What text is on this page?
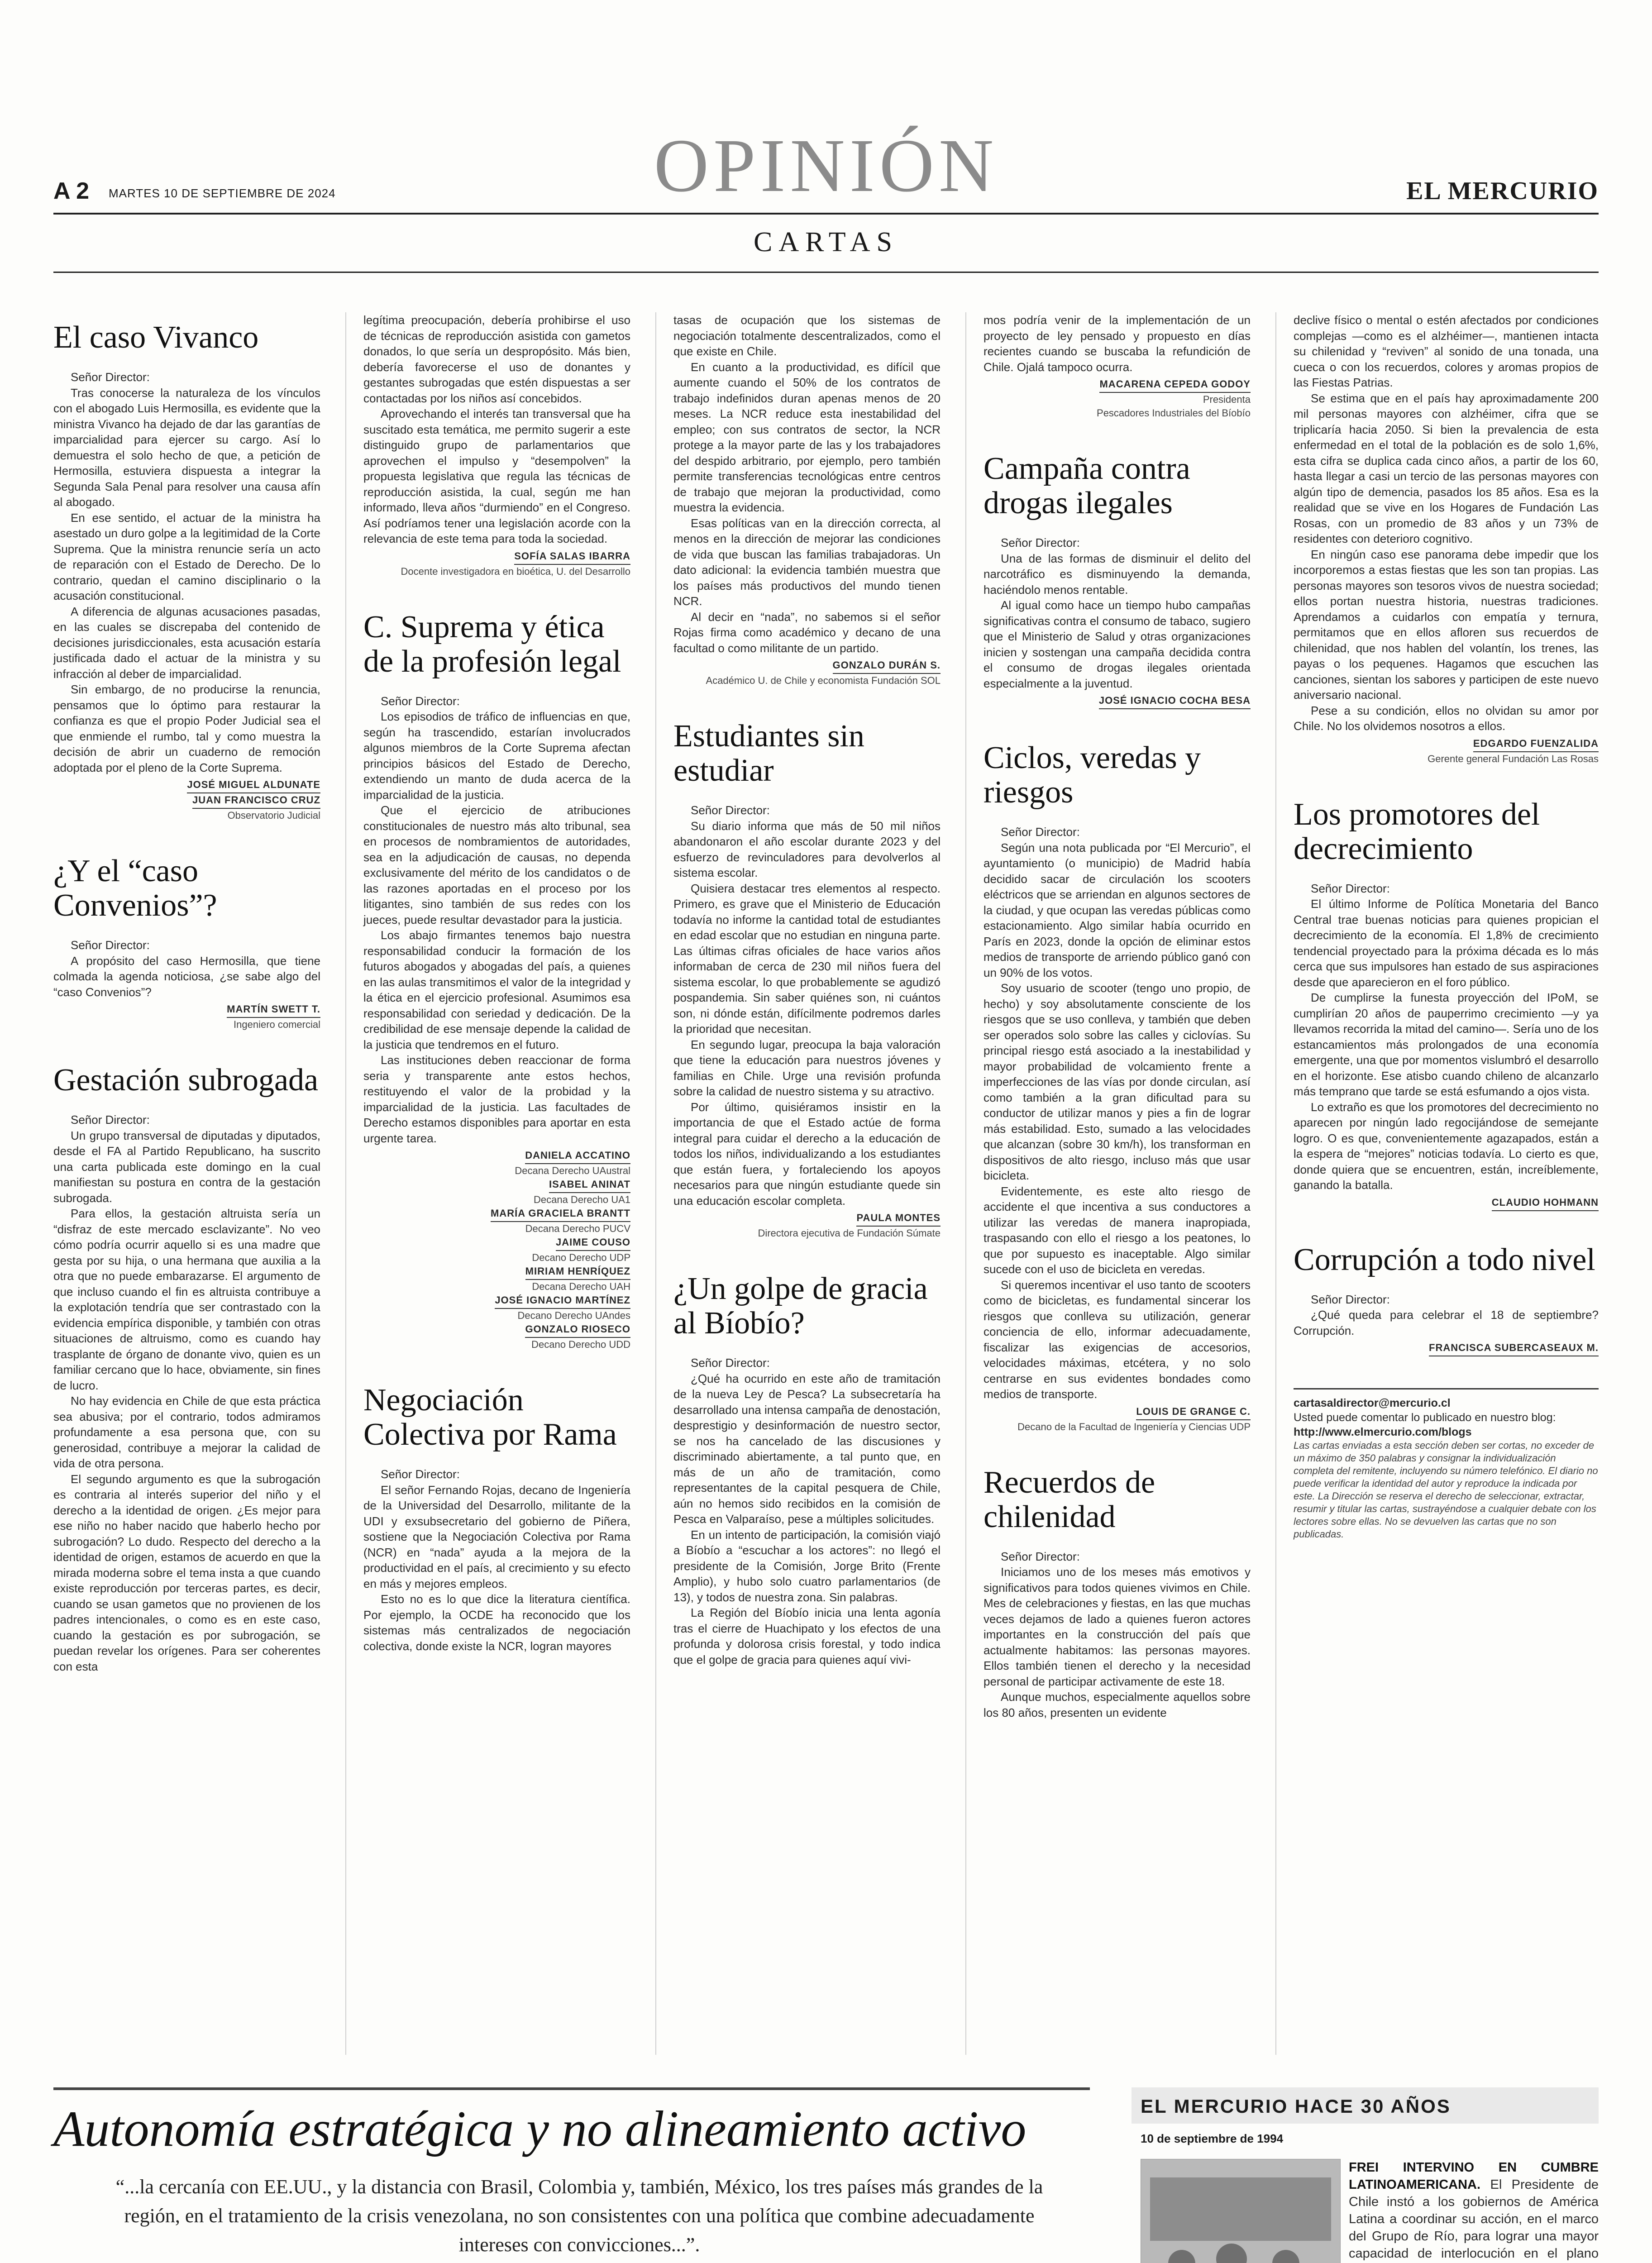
OPINIÓN
A 2 MARTES 10 DE SEPTIEMBRE DE 2024	EL MERCURIO
CARTAS
El caso Vivanco

Señor Director:

Tras conocerse la naturaleza de los vínculos con el abogado Luis Hermosilla, es evidente que la ministra Vivanco ha dejado de dar las garantías de imparcialidad para ejercer su cargo. Así lo demuestra el solo hecho de que, a petición de Hermosilla, estuviera dispuesta a integrar la Segunda Sala Penal para resolver una causa afín al abogado.

En ese sentido, el actuar de la ministra ha asestado un duro golpe a la legitimidad de la Corte Suprema. Que la ministra renuncie sería un acto de reparación con el Estado de Derecho. De lo contrario, quedan el camino disciplinario o la acusación constitucional.

A diferencia de algunas acusaciones pasadas, en las cuales se discrepaba del contenido de decisiones jurisdiccionales, esta acusación estaría justificada dado el actuar de la ministra y su infracción al deber de imparcialidad.

Sin embargo, de no producirse la renuncia, pensamos que lo óptimo para restaurar la confianza es que el propio Poder Judicial sea el que enmiende el rumbo, tal y como muestra la decisión de abrir un cuaderno de remoción adoptada por el pleno de la Corte Suprema.

JOSÉ MIGUEL ALDUNATE
JUAN FRANCISCO CRUZ
Observatorio Judicial
¿Y el “caso Convenios”?

Señor Director:

A propósito del caso Hermosilla, que tiene colmada la agenda noticiosa, ¿se sabe algo del “caso Convenios”?

MARTÍN SWETT T.
Ingeniero comercial
Gestación subrogada

Señor Director:

Un grupo transversal de diputadas y diputados, desde el FA al Partido Republicano, ha suscrito una carta publicada este domingo en la cual manifiestan su postura en contra de la gestación subrogada.

Para ellos, la gestación altruista sería un “disfraz de este mercado esclavizante”. No veo cómo podría ocurrir aquello si es una madre que gesta por su hija, o una hermana que auxilia a la otra que no puede embarazarse. El argumento de que incluso cuando el fin es altruista contribuye a la explotación tendría que ser contrastado con la evidencia empírica disponible, y también con otras situaciones de altruismo, como es cuando hay trasplante de órgano de donante vivo, quien es un familiar cercano que lo hace, obviamente, sin fines de lucro.

No hay evidencia en Chile de que esta práctica sea abusiva; por el contrario, todos admiramos profundamente a esa persona que, con su generosidad, contribuye a mejorar la calidad de vida de otra persona.

El segundo argumento es que la subrogación es contraria al interés superior del niño y el derecho a la identidad de origen. ¿Es mejor para ese niño no haber nacido que haberlo hecho por subrogación? Lo dudo. Respecto del derecho a la identidad de origen, estamos de acuerdo en que la mirada moderna sobre el tema insta a que cuando existe reproducción por terceras partes, es decir, cuando se usan gametos que no provienen de los padres intencionales, o como es en este caso, cuando la gestación es por subrogación, se puedan revelar los orígenes. Para ser coherentes con esta

legítima preocupación, debería prohibirse el uso de técnicas de reproducción asistida con gametos donados, lo que sería un despropósito. Más bien, debería favorecerse el uso de donantes y gestantes subrogadas que estén dispuestas a ser contactadas por los niños así concebidos.

Aprovechando el interés tan transversal que ha suscitado esta temática, me permito sugerir a este distinguido grupo de parlamentarios que aprovechen el impulso y “desempolven” la propuesta legislativa que regula las técnicas de reproducción asistida, la cual, según me han informado, lleva años “durmiendo” en el Congreso. Así podríamos tener una legislación acorde con la relevancia de este tema para toda la sociedad.

SOFÍA SALAS IBARRA
Docente investigadora en bioética, U. del Desarrollo
C. Suprema y ética de la profesión legal

Señor Director:

Los episodios de tráfico de influencias en que, según ha trascendido, estarían involucrados algunos miembros de la Corte Suprema afectan principios básicos del Estado de Derecho, extendiendo un manto de duda acerca de la imparcialidad de la justicia.

Que el ejercicio de atribuciones constitucionales de nuestro más alto tribunal, sea en procesos de nombramientos de autoridades, sea en la adjudicación de causas, no dependa exclusivamente del mérito de los candidatos o de las razones aportadas en el proceso por los litigantes, sino también de sus redes con los jueces, puede resultar devastador para la justicia.

Los abajo firmantes tenemos bajo nuestra responsabilidad conducir la formación de los futuros abogados y abogadas del país, a quienes en las aulas transmitimos el valor de la integridad y la ética en el ejercicio profesional. Asumimos esa responsabilidad con seriedad y dedicación. De la credibilidad de ese mensaje depende la calidad de la justicia que tendremos en el futuro.

Las instituciones deben reaccionar de forma seria y transparente ante estos hechos, restituyendo el valor de la probidad y la imparcialidad de la justicia. Las facultades de Derecho estamos disponibles para aportar en esta urgente tarea.

DANIELA ACCATINO
Decana Derecho UAustral
ISABEL ANINAT
Decana Derecho UA1
MARÍA GRACIELA BRANTT
Decana Derecho PUCV
JAIME COUSO
Decano Derecho UDP
MIRIAM HENRÍQUEZ
Decana Derecho UAH
JOSÉ IGNACIO MARTÍNEZ
Decano Derecho UAndes
GONZALO RIOSECO
Decano Derecho UDD
Negociación Colectiva por Rama

Señor Director:

El señor Fernando Rojas, decano de Ingeniería de la Universidad del Desarrollo, militante de la UDI y exsubsecretario del gobierno de Piñera, sostiene que la Negociación Colectiva por Rama (NCR) en “nada” ayuda a la mejora de la productividad en el país, al crecimiento y su efecto en más y mejores empleos.

Esto no es lo que dice la literatura científica. Por ejemplo, la OCDE ha reconocido que los sistemas más centralizados de negociación colectiva, donde existe la NCR, logran mayores

tasas de ocupación que los sistemas de negociación totalmente descentralizados, como el que existe en Chile.

En cuanto a la productividad, es difícil que aumente cuando el 50% de los contratos de trabajo indefinidos duran apenas menos de 20 meses. La NCR reduce esta inestabilidad del empleo; con sus contratos de sector, la NCR protege a la mayor parte de las y los trabajadores del despido arbitrario, por ejemplo, pero también permite transferencias tecnológicas entre centros de trabajo que mejoran la productividad, como muestra la evidencia.

Esas políticas van en la dirección correcta, al menos en la dirección de mejorar las condiciones de vida que buscan las familias trabajadoras. Un dato adicional: la evidencia también muestra que los países más productivos del mundo tienen NCR.

Al decir en “nada”, no sabemos si el señor Rojas firma como académico y decano de una facultad o como militante de un partido.

GONZALO DURÁN S.
Académico U. de Chile y economista Fundación SOL
Estudiantes sin estudiar

Señor Director:

Su diario informa que más de 50 mil niños abandonaron el año escolar durante 2023 y del esfuerzo de revinculadores para devolverlos al sistema escolar.

Quisiera destacar tres elementos al respecto. Primero, es grave que el Ministerio de Educación todavía no informe la cantidad total de estudiantes en edad escolar que no estudian en ninguna parte. Las últimas cifras oficiales de hace varios años informaban de cerca de 230 mil niños fuera del sistema escolar, lo que probablemente se agudizó pospandemia. Sin saber quiénes son, ni cuántos son, ni dónde están, difícilmente podremos darles la prioridad que necesitan.

En segundo lugar, preocupa la baja valoración que tiene la educación para nuestros jóvenes y familias en Chile. Urge una revisión profunda sobre la calidad de nuestro sistema y su atractivo.

Por último, quisiéramos insistir en la importancia de que el Estado actúe de forma integral para cuidar el derecho a la educación de todos los niños, individualizando a los estudiantes que están fuera, y fortaleciendo los apoyos necesarios para que ningún estudiante quede sin una educación escolar completa.

PAULA MONTES
Directora ejecutiva de Fundación Súmate
¿Un golpe de gracia al Bíobío?

Señor Director:

¿Qué ha ocurrido en este año de tramitación de la nueva Ley de Pesca? La subsecretaría ha desarrollado una intensa campaña de denostación, desprestigio y desinformación de nuestro sector, se nos ha cancelado de las discusiones y discriminado abiertamente, a tal punto que, en más de un año de tramitación, como representantes de la capital pesquera de Chile, aún no hemos sido recibidos en la comisión de Pesca en Valparaíso, pese a múltiples solicitudes.

En un intento de participación, la comisión viajó a Bíobío a “escuchar a los actores”: no llegó el presidente de la Comisión, Jorge Brito (Frente Amplio), y hubo solo cuatro parlamentarios (de 13), y todos de nuestra zona. Sin palabras.

La Región del Bíobío inicia una lenta agonía tras el cierre de Huachipato y los efectos de una profunda y dolorosa crisis forestal, y todo indica que el golpe de gracia para quienes aquí vivi-

mos podría venir de la implementación de un proyecto de ley pensado y propuesto en días recientes cuando se buscaba la refundición de Chile. Ojalá tampoco ocurra.

MACARENA CEPEDA GODOY
Presidenta
Pescadores Industriales del Bíobío
Campaña contra drogas ilegales

Señor Director:

Una de las formas de disminuir el delito del narcotráfico es disminuyendo la demanda, haciéndolo menos rentable.

Al igual como hace un tiempo hubo campañas significativas contra el consumo de tabaco, sugiero que el Ministerio de Salud y otras organizaciones inicien y sostengan una campaña decidida contra el consumo de drogas ilegales orientada especialmente a la juventud.

JOSÉ IGNACIO COCHA BESA
Ciclos, veredas y riesgos

Señor Director:

Según una nota publicada por “El Mercurio”, el ayuntamiento (o municipio) de Madrid había decidido sacar de circulación los scooters eléctricos que se arriendan en algunos sectores de la ciudad, y que ocupan las veredas públicas como estacionamiento. Algo similar había ocurrido en París en 2023, donde la opción de eliminar estos medios de transporte de arriendo público ganó con un 90% de los votos.

Soy usuario de scooter (tengo uno propio, de hecho) y soy absolutamente consciente de los riesgos que se uso conlleva, y también que deben ser operados solo sobre las calles y ciclovías. Su principal riesgo está asociado a la inestabilidad y mayor probabilidad de volcamiento frente a imperfecciones de las vías por donde circulan, así como también a la gran dificultad para su conductor de utilizar manos y pies a fin de lograr más estabilidad. Esto, sumado a las velocidades que alcanzan (sobre 30 km/h), los transforman en dispositivos de alto riesgo, incluso más que usar bicicleta.

Evidentemente, es este alto riesgo de accidente el que incentiva a sus conductores a utilizar las veredas de manera inapropiada, traspasando con ello el riesgo a los peatones, lo que por supuesto es inaceptable. Algo similar sucede con el uso de bicicleta en veredas.

Si queremos incentivar el uso tanto de scooters como de bicicletas, es fundamental sincerar los riesgos que conlleva su utilización, generar conciencia de ello, informar adecuadamente, fiscalizar las exigencias de accesorios, velocidades máximas, etcétera, y no solo centrarse en sus evidentes bondades como medios de transporte.

LOUIS DE GRANGE C.
Decano de la Facultad de Ingeniería y Ciencias UDP
Recuerdos de chilenidad

Señor Director:

Iniciamos uno de los meses más emotivos y significativos para todos quienes vivimos en Chile. Mes de celebraciones y fiestas, en las que muchas veces dejamos de lado a quienes fueron actores importantes en la construcción del país que actualmente habitamos: las personas mayores. Ellos también tienen el derecho y la necesidad personal de participar activamente de este 18.

Aunque muchos, especialmente aquellos sobre los 80 años, presenten un evidente

declive físico o mental o estén afectados por condiciones complejas —como es el alzhéimer—, mantienen intacta su chilenidad y “reviven” al sonido de una tonada, una cueca o con los recuerdos, colores y aromas propios de las Fiestas Patrias.

Se estima que en el país hay aproximadamente 200 mil personas mayores con alzhéimer, cifra que se triplicaría hacia 2050. Si bien la prevalencia de esta enfermedad en el total de la población es de solo 1,6%, esta cifra se duplica cada cinco años, a partir de los 60, hasta llegar a casi un tercio de las personas mayores con algún tipo de demencia, pasados los 85 años. Esa es la realidad que se vive en los Hogares de Fundación Las Rosas, con un promedio de 83 años y un 73% de residentes con deterioro cognitivo.

En ningún caso ese panorama debe impedir que los incorporemos a estas fiestas que les son tan propias. Las personas mayores son tesoros vivos de nuestra sociedad; ellos portan nuestra historia, nuestras tradiciones. Aprendamos a cuidarlos con empatía y ternura, permitamos que en ellos afloren sus recuerdos de chilenidad, que nos hablen del volantín, los trenes, las payas o los pequenes. Hagamos que escuchen las canciones, sientan los sabores y participen de este nuevo aniversario nacional.

Pese a su condición, ellos no olvidan su amor por Chile. No los olvidemos nosotros a ellos.

EDGARDO FUENZALIDA
Gerente general Fundación Las Rosas
Los promotores del decrecimiento

Señor Director:

El último Informe de Política Monetaria del Banco Central trae buenas noticias para quienes propician el decrecimiento de la economía. El 1,8% de crecimiento tendencial proyectado para la próxima década es lo más cerca que sus impulsores han estado de sus aspiraciones desde que aparecieron en el foro público.

De cumplirse la funesta proyección del IPoM, se cumplirían 20 años de pauperrimo crecimiento —y ya llevamos recorrida la mitad del camino—. Sería uno de los estancamientos más prolongados de una economía emergente, una que por momentos vislumbró el desarrollo en el horizonte. Ese atisbo cuando chileno de alcanzarlo más temprano que tarde se está esfumando a ojos vista.

Lo extraño es que los promotores del decrecimiento no aparecen por ningún lado regocijándose de semejante logro. O es que, convenientemente agazapados, están a la espera de “mejores” noticias todavía. Lo cierto es que, donde quiera que se encuentren, están, increíblemente, ganando la batalla.

CLAUDIO HOHMANN
Corrupción a todo nivel

Señor Director:

¿Qué queda para celebrar el 18 de septiembre? Corrupción.

FRANCISCA SUBERCASEAUX M.
cartasaldirector@mercurio.cl
Usted puede comentar lo publicado en nuestro blog:
http://www.elmercurio.com/blogs
Las cartas enviadas a esta sección deben ser cortas, no exceder de un máximo de 350 palabras y consignar la individualización completa del remitente, incluyendo su número telefónico. El diario no puede verificar la identidad del autor y reproduce la indicada por este. La Dirección se reserva el derecho de seleccionar, extractar, resumir y titular las cartas, sustrayéndose a cualquier debate con los lectores sobre ellas. No se devuelven las cartas que no son publicadas.
Autonomía estratégica y no alineamiento activo
“...la cercanía con EE.UU., y la distancia con Brasil, Colombia y, también, México, los tres países más grandes de la región, en el tratamiento de la crisis venezolana, no son consistentes con una política que combine adecuadamente intereses con convicciones...”.

EL MERCURIO HACE 30 AÑOS
10 de septiembre de 1994
FREI INTERVINO EN CUMBRE LATINOAMERICANA. El Presidente de Chile instó a los gobiernos de América Latina a coordinar su acción, en el marco del Grupo de Río, para lograr una mayor capacidad de interlocución en el plano
